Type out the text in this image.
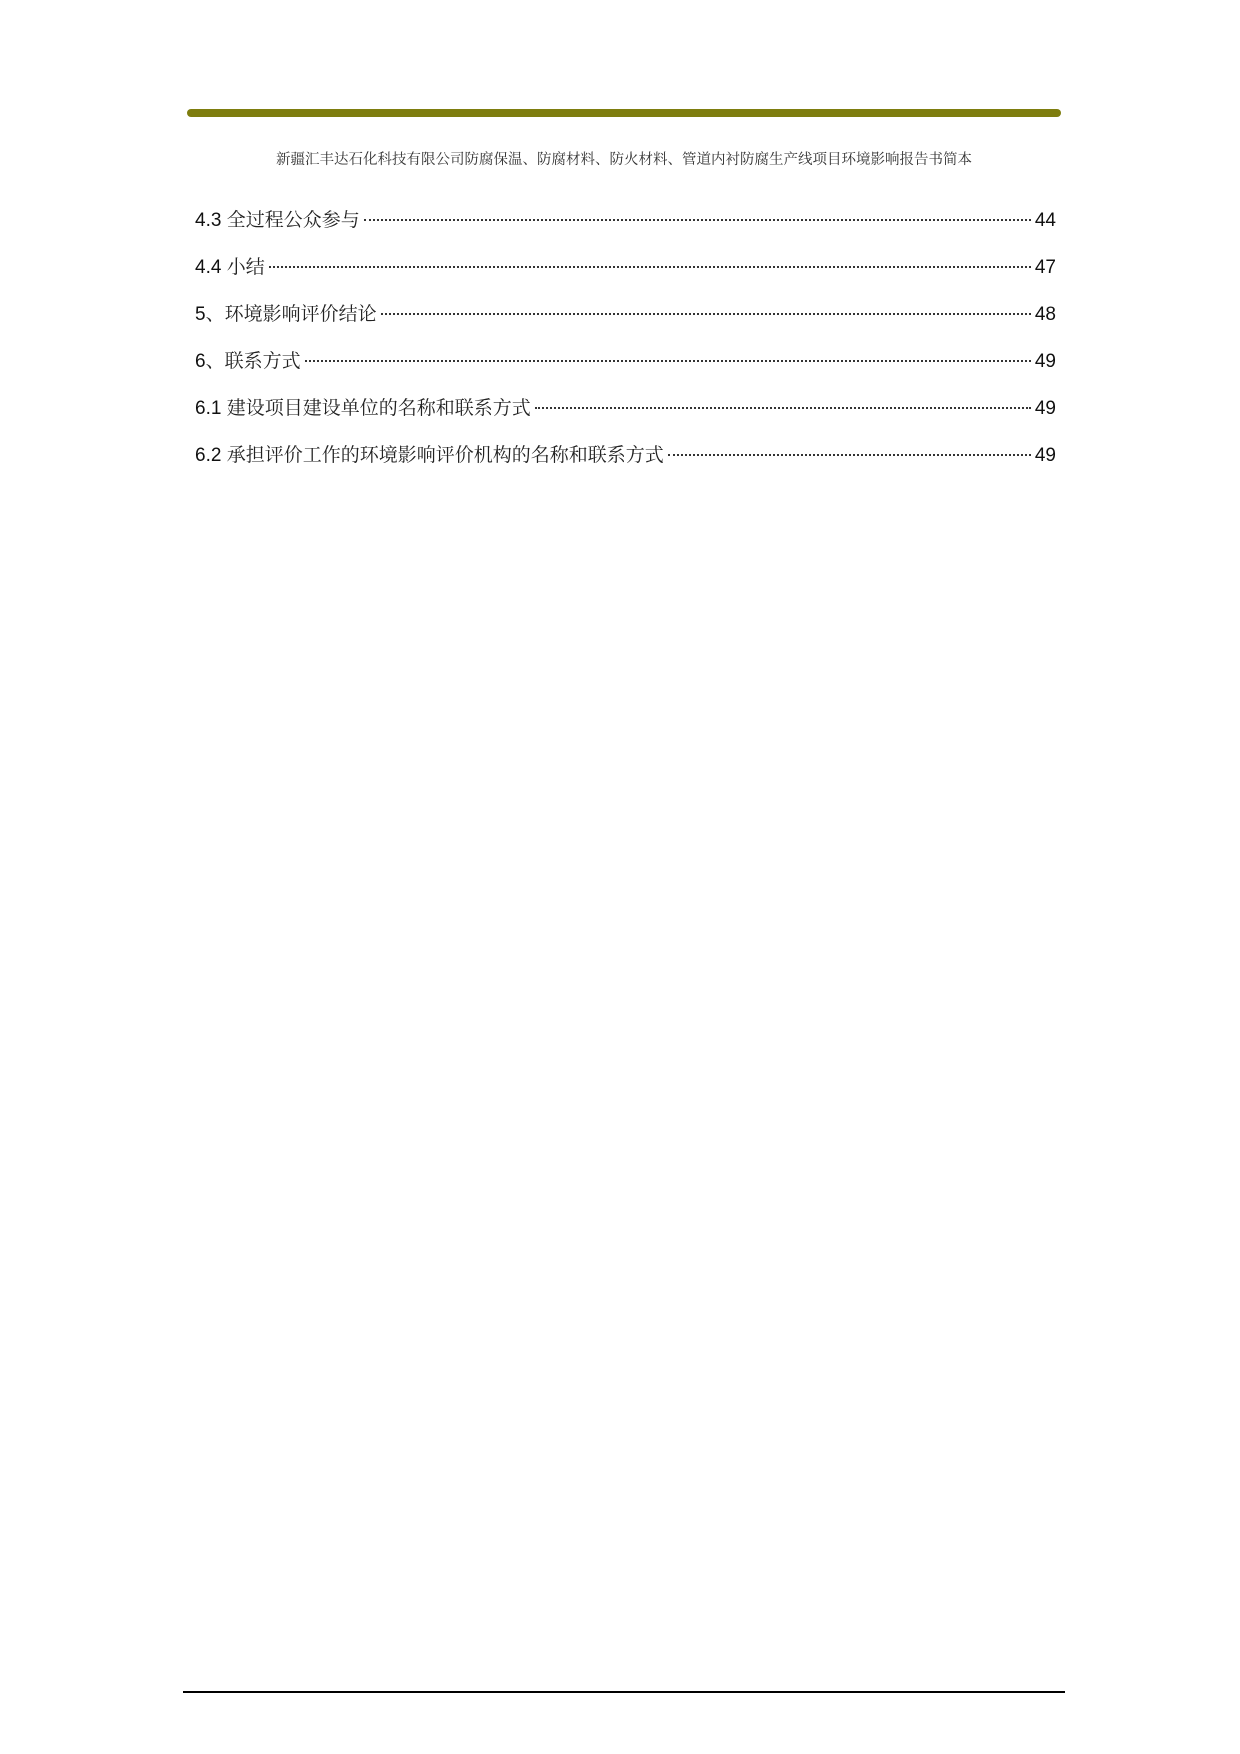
新疆汇丰达石化科技有限公司防腐保温、防腐材料、防火材料、管道内衬防腐生产线项目环境影响报告书简本
4.3 全过程公众参与	44
4.4 小结	47
5 、环境影响评价结论	48
6 、联系方式	49
6.1 建设项目建设单位的名称和联系方式	49
6.2 承担评价工作的环境影响评价机构的名称和联系方式	49
